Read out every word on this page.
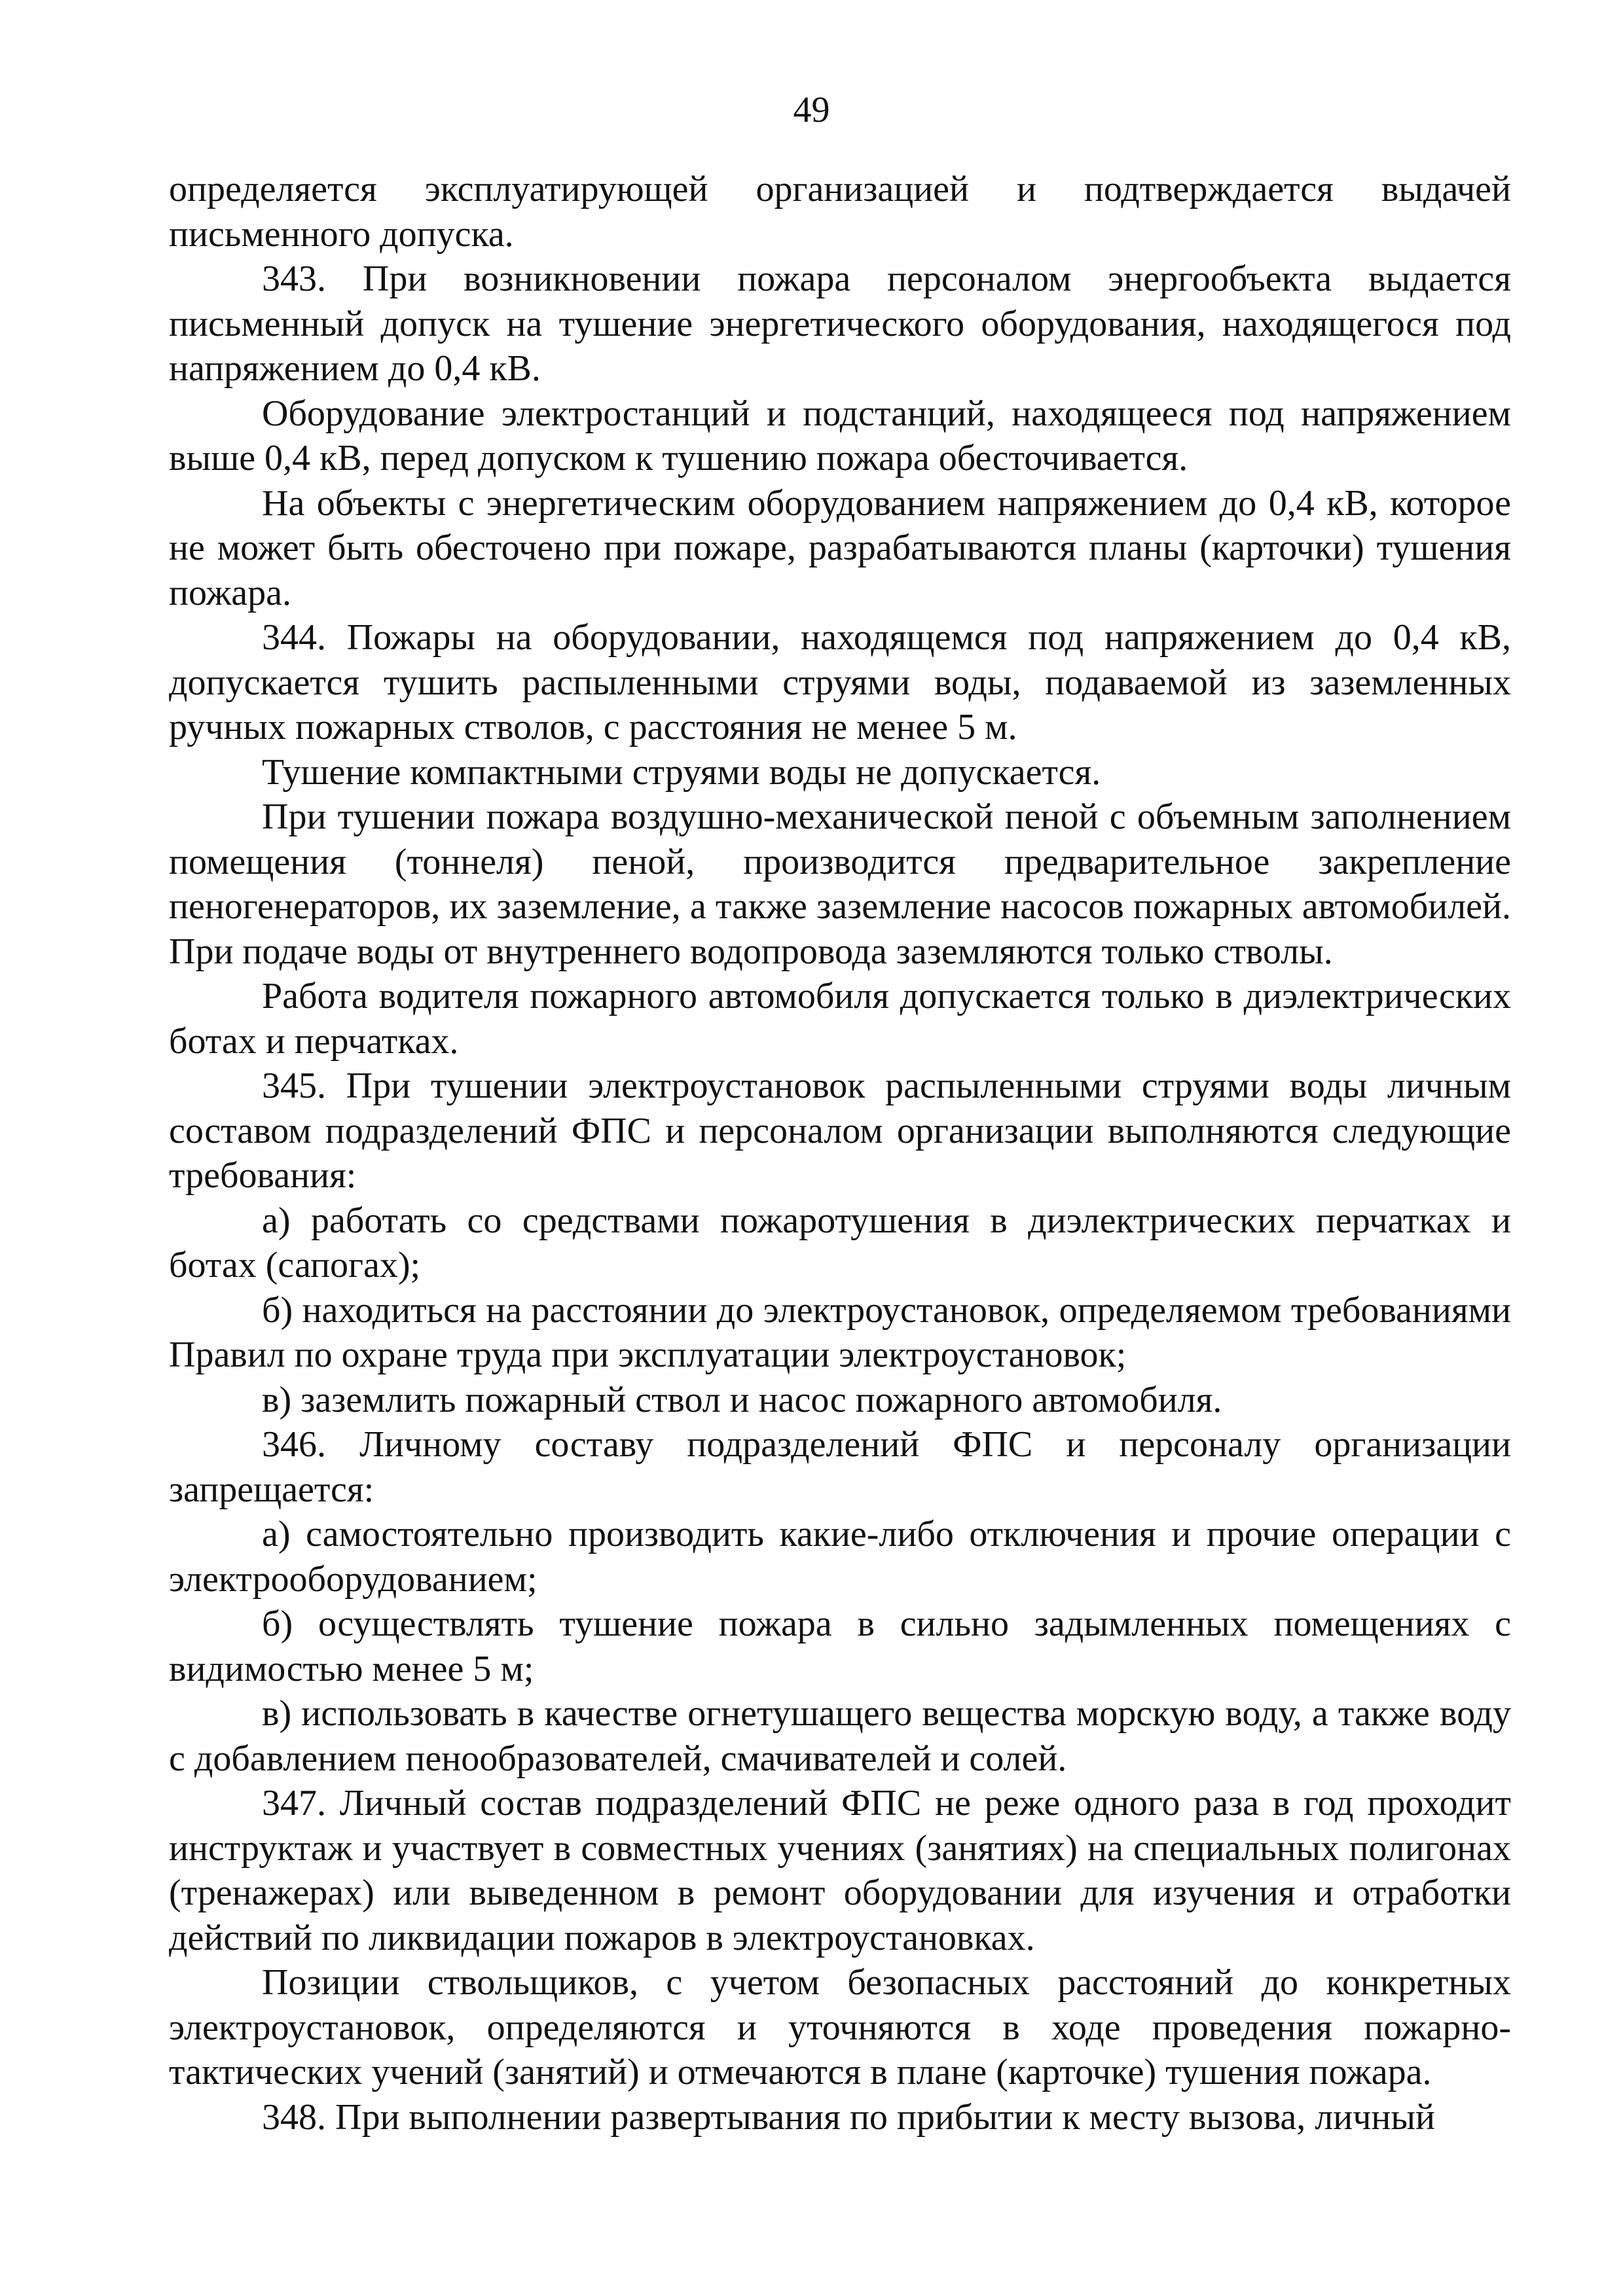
49

определяется эксплуатирующей организацией и подтверждается выдачей письменного допуска.

343. При возникновении пожара персоналом энергообъекта выдается письменный допуск на тушение энергетического оборудования, находящегося под напряжением до 0,4 кВ.

Оборудование электростанций и подстанций, находящееся под напряжением выше 0,4 кВ, перед допуском к тушению пожара обесточивается.

На объекты с энергетическим оборудованием напряжением до 0,4 кВ, которое не может быть обесточено при пожаре, разрабатываются планы (карточки) тушения пожара.

344. Пожары на оборудовании, находящемся под напряжением до 0,4 кВ, допускается тушить распыленными струями воды, подаваемой из заземленных ручных пожарных стволов, с расстояния не менее 5 м.

Тушение компактными струями воды не допускается.

При тушении пожара воздушно-механической пеной с объемным заполнением помещения (тоннеля) пеной, производится предварительное закрепление пеногенераторов, их заземление, а также заземление насосов пожарных автомобилей. При подаче воды от внутреннего водопровода заземляются только стволы.

Работа водителя пожарного автомобиля допускается только в диэлектрических ботах и перчатках.

345. При тушении электроустановок распыленными струями воды личным составом подразделений ФПС и персоналом организации выполняются следующие требования:

а) работать со средствами пожаротушения в диэлектрических перчатках и ботах (сапогах);

б) находиться на расстоянии до электроустановок, определяемом требованиями Правил по охране труда при эксплуатации электроустановок;

в) заземлить пожарный ствол и насос пожарного автомобиля.

346. Личному составу подразделений ФПС и персоналу организации запрещается:

а) самостоятельно производить какие-либо отключения и прочие операции с электрооборудованием;

б) осуществлять тушение пожара в сильно задымленных помещениях с видимостью менее 5 м;

в) использовать в качестве огнетушащего вещества морскую воду, а также воду с добавлением пенообразователей, смачивателей и солей.

347. Личный состав подразделений ФПС не реже одного раза в год проходит инструктаж и участвует в совместных учениях (занятиях) на специальных полигонах (тренажерах) или выведенном в ремонт оборудовании для изучения и отработки действий по ликвидации пожаров в электроустановках.

Позиции ствольщиков, с учетом безопасных расстояний до конкретных электроустановок, определяются и уточняются в ходе проведения пожарно-тактических учений (занятий) и отмечаются в плане (карточке) тушения пожара.

348. При выполнении развертывания по прибытии к месту вызова, личный
